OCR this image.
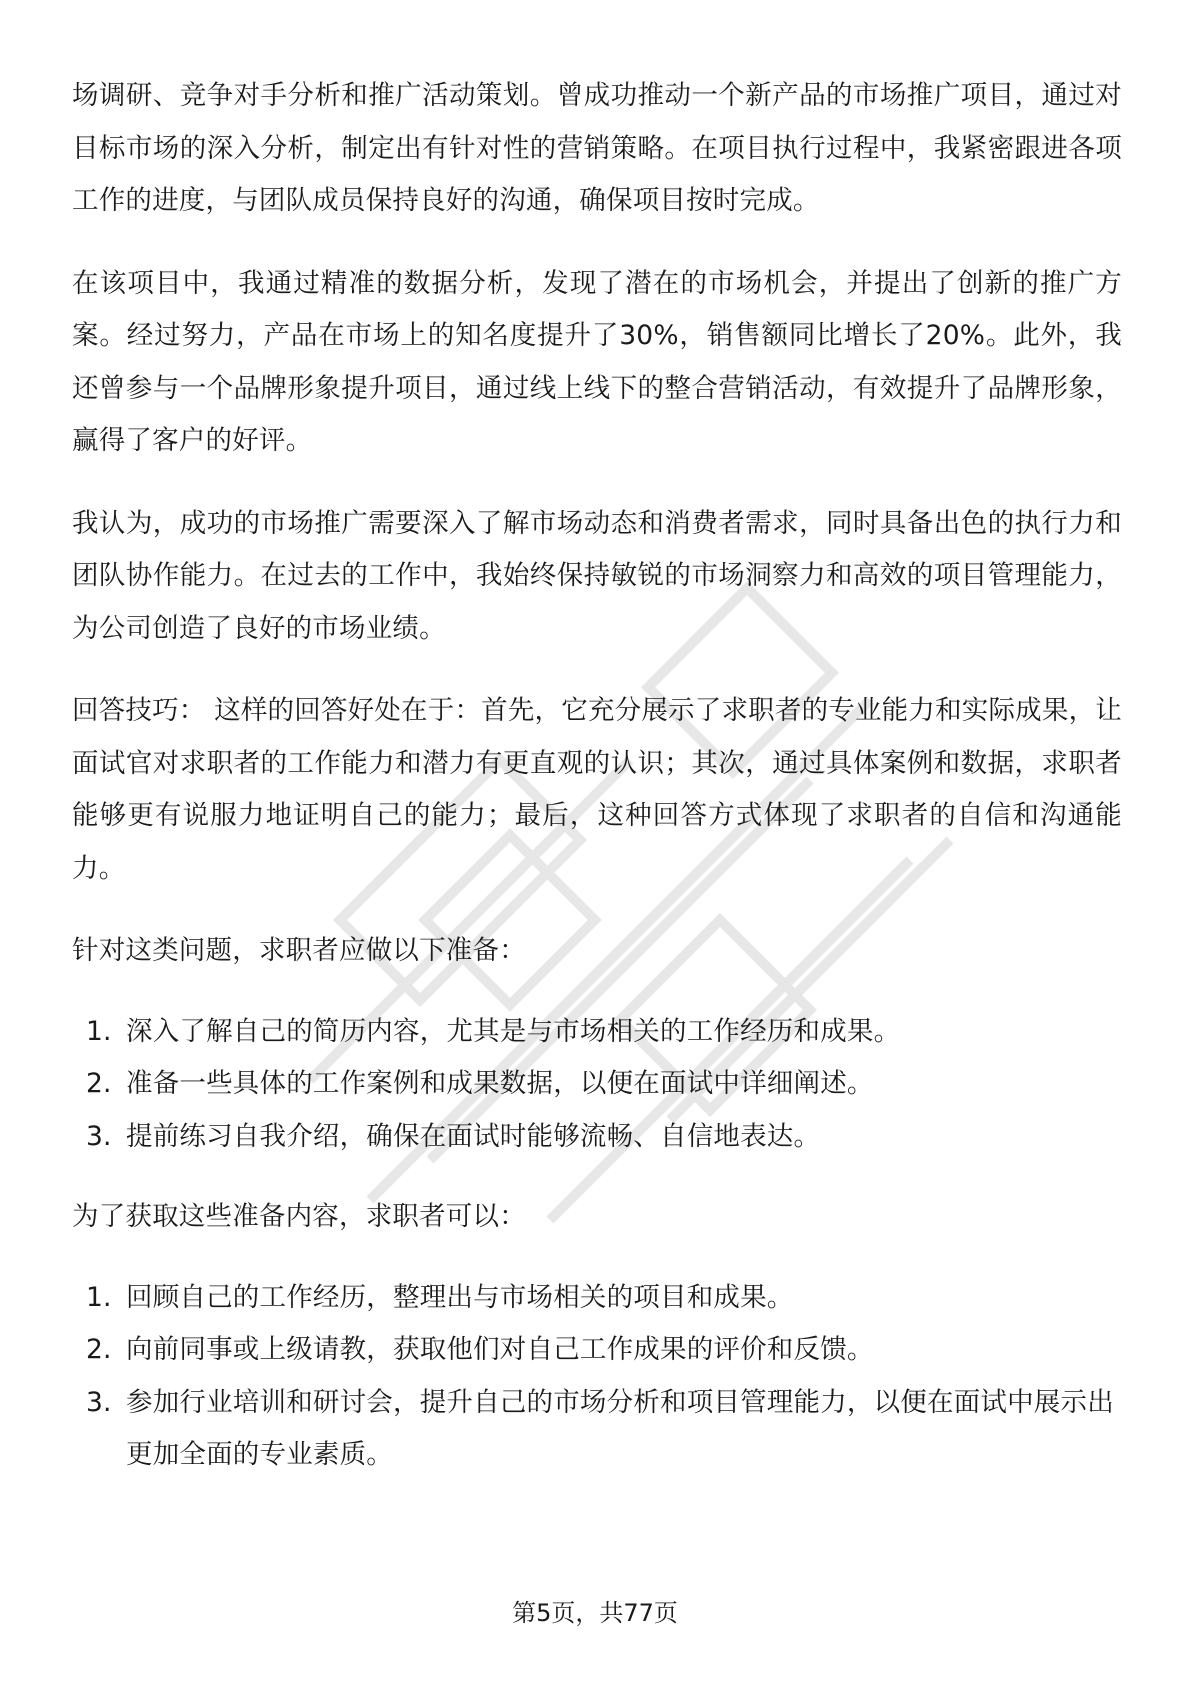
场调研、竞争对手分析和推广活动策划。曾成功推动一个新产品的市场推广项目，通过对目标市场的深入分析，制定出有针对性的营销策略。在项目执行过程中，我紧密跟进各项工作的进度，与团队成员保持良好的沟通，确保项目按时完成。

在该项目中，我通过精准的数据分析，发现了潜在的市场机会，并提出了创新的推广方案。经过努力，产品在市场上的知名度提升了30%，销售额同比增长了20%。此外，我还曾参与一个品牌形象提升项目，通过线上线下的整合营销活动，有效提升了品牌形象，赢得了客户的好评。

我认为，成功的市场推广需要深入了解市场动态和消费者需求，同时具备出色的执行力和团队协作能力。在过去的工作中，我始终保持敏锐的市场洞察力和高效的项目管理能力，为公司创造了良好的市场业绩。

回答技巧： 这样的回答好处在于：首先，它充分展示了求职者的专业能力和实际成果，让面试官对求职者的工作能力和潜力有更直观的认识；其次，通过具体案例和数据，求职者能够更有说服力地证明自己的能力；最后，这种回答方式体现了求职者的自信和沟通能力。

针对这类问题，求职者应做以下准备：

1. 深入了解自己的简历内容，尤其是与市场相关的工作经历和成果。
2. 准备一些具体的工作案例和成果数据，以便在面试中详细阐述。
3. 提前练习自我介绍，确保在面试时能够流畅、自信地表达。

为了获取这些准备内容，求职者可以：

1. 回顾自己的工作经历，整理出与市场相关的项目和成果。
2. 向前同事或上级请教，获取他们对自己工作成果的评价和反馈。
3. 参加行业培训和研讨会，提升自己的市场分析和项目管理能力，以便在面试中展示出更加全面的专业素质。
第5页，共77页
